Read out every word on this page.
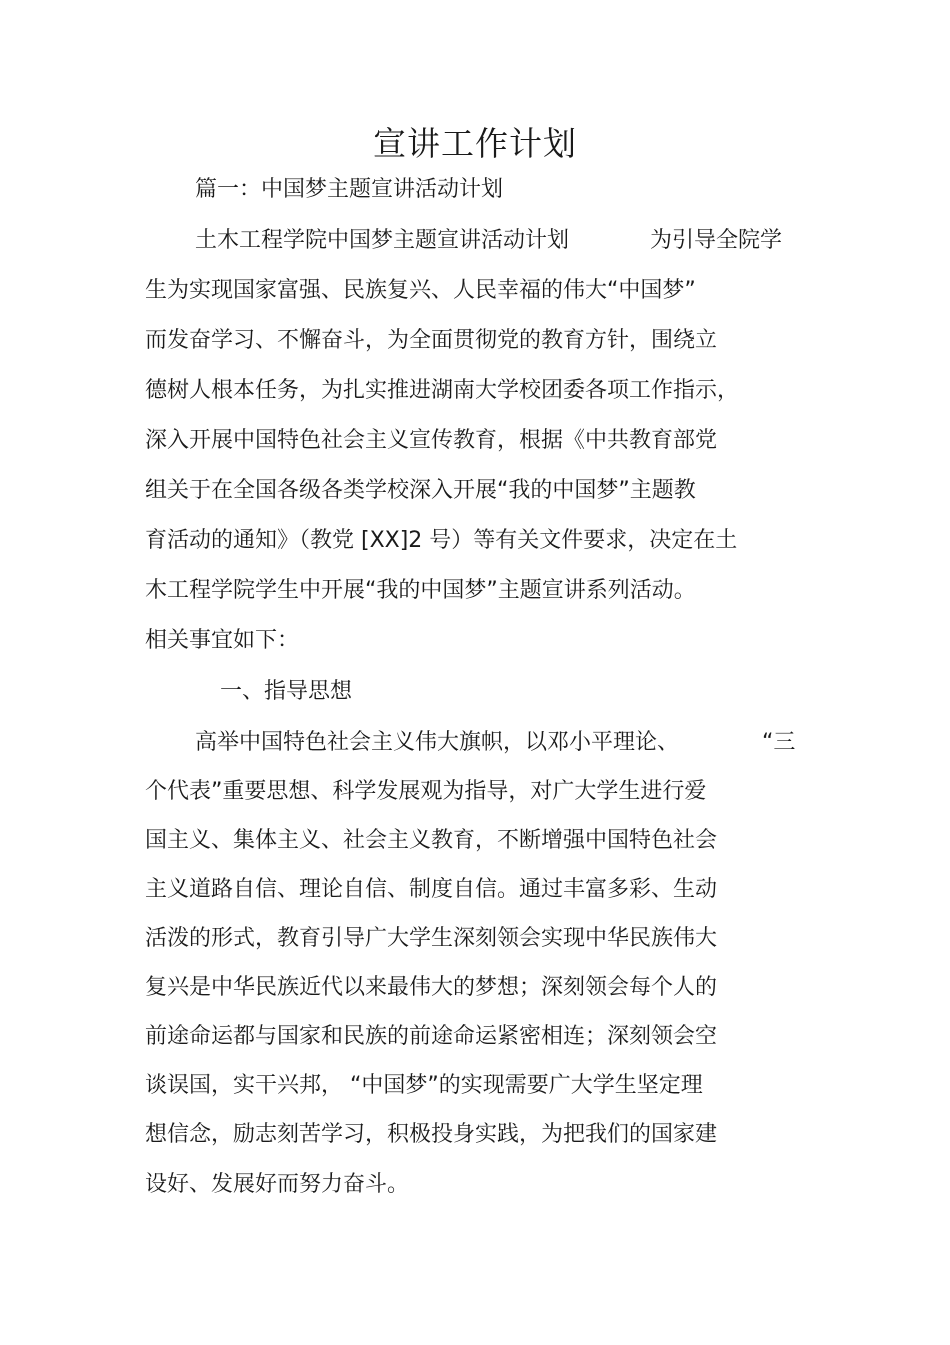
宣讲工作计划
篇一：中国梦主题宣讲活动计划
土木工程学院中国梦主题宣讲活动计划	为引导全院学
生为实现国家富强、民族复兴、人民幸福的伟大“中国梦”
而发奋学习、不懈奋斗，为全面贯彻党的教育方针，围绕立
德树人根本任务，为扎实推进湖南大学校团委各项工作指示，
深入开展中国特色社会主义宣传教育，根据《中共教育部党
组关于在全国各级各类学校深入开展“我的中国梦”主题教
育活动的通知》（教党 [XX]2 号）等有关文件要求，决定在土
木工程学院学生中开展“我的中国梦”主题宣讲系列活动。
相关事宜如下：
一、指导思想
高举中国特色社会主义伟大旗帜，以邓小平理论、	“三
个代表”重要思想、科学发展观为指导，对广大学生进行爱
国主义、集体主义、社会主义教育，不断增强中国特色社会
主义道路自信、理论自信、制度自信。通过丰富多彩、生动
活泼的形式，教育引导广大学生深刻领会实现中华民族伟大
复兴是中华民族近代以来最伟大的梦想；深刻领会每个人的
前途命运都与国家和民族的前途命运紧密相连；深刻领会空
谈误国，实干兴邦， “中国梦”的实现需要广大学生坚定理
想信念，励志刻苦学习，积极投身实践，为把我们的国家建
设好、发展好而努力奋斗。
